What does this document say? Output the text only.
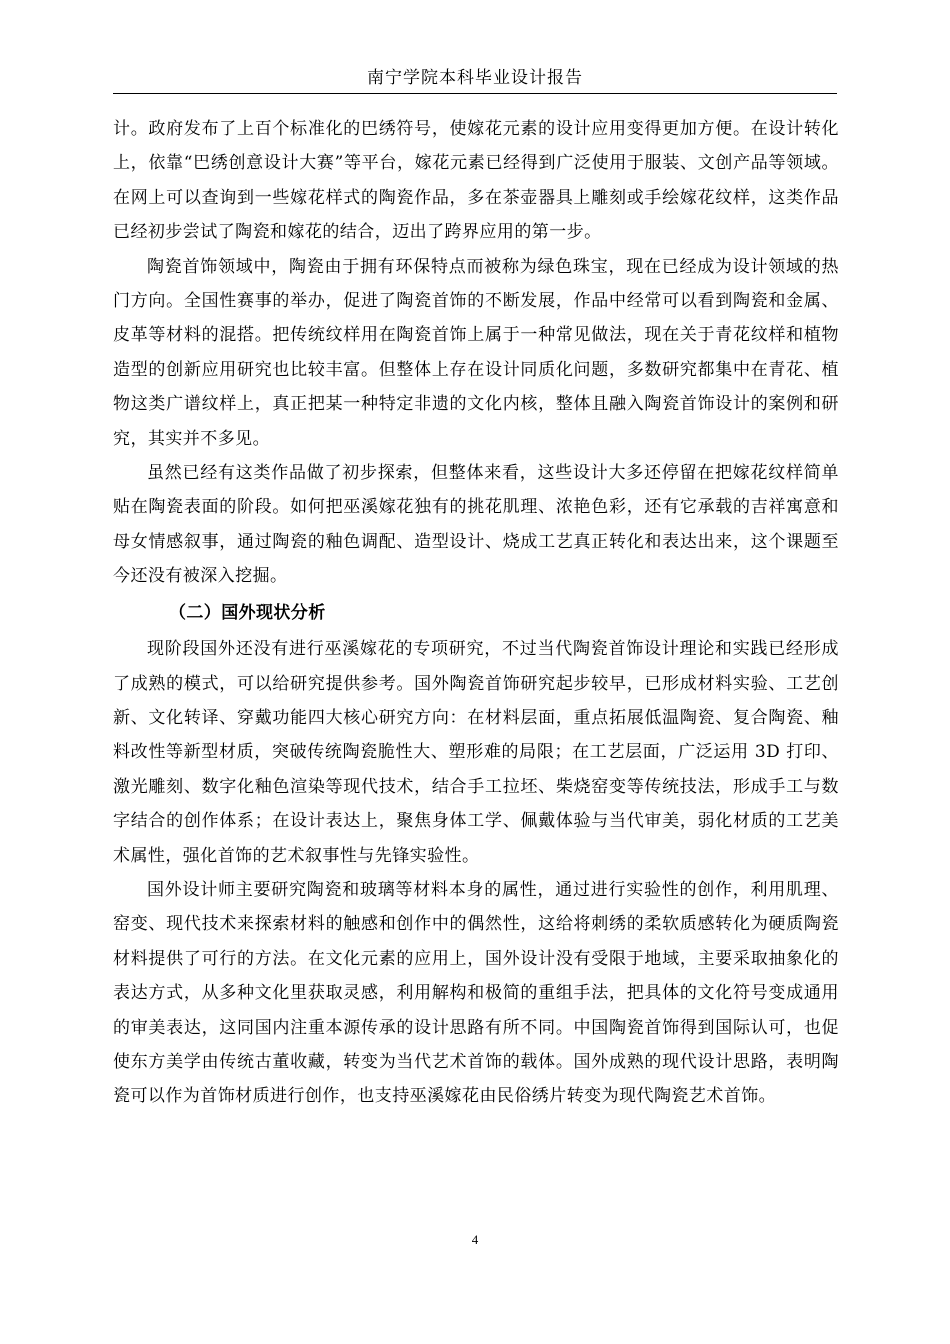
南宁学院本科毕业设计报告

计。政府发布了上百个标准化的巴绣符号，使嫁花元素的设计应用变得更加方便。在设计转化上，依靠“巴绣创意设计大赛”等平台，嫁花元素已经得到广泛使用于服装、文创产品等领域。在网上可以查询到一些嫁花样式的陶瓷作品，多在茶壶器具上雕刻或手绘嫁花纹样，这类作品已经初步尝试了陶瓷和嫁花的结合，迈出了跨界应用的第一步。

陶瓷首饰领域中，陶瓷由于拥有环保特点而被称为绿色珠宝，现在已经成为设计领域的热门方向。全国性赛事的举办，促进了陶瓷首饰的不断发展，作品中经常可以看到陶瓷和金属、皮革等材料的混搭。把传统纹样用在陶瓷首饰上属于一种常见做法，现在关于青花纹样和植物造型的创新应用研究也比较丰富。但整体上存在设计同质化问题，多数研究都集中在青花、植物这类广谱纹样上，真正把某一种特定非遗的文化内核，整体且融入陶瓷首饰设计的案例和研究，其实并不多见。

虽然已经有这类作品做了初步探索，但整体来看，这些设计大多还停留在把嫁花纹样简单贴在陶瓷表面的阶段。如何把巫溪嫁花独有的挑花肌理、浓艳色彩，还有它承载的吉祥寓意和母女情感叙事，通过陶瓷的釉色调配、造型设计、烧成工艺真正转化和表达出来，这个课题至今还没有被深入挖掘。

（二）国外现状分析

现阶段国外还没有进行巫溪嫁花的专项研究，不过当代陶瓷首饰设计理论和实践已经形成了成熟的模式，可以给研究提供参考。国外陶瓷首饰研究起步较早，已形成材料实验、工艺创新、文化转译、穿戴功能四大核心研究方向：在材料层面，重点拓展低温陶瓷、复合陶瓷、釉料改性等新型材质，突破传统陶瓷脆性大、塑形难的局限；在工艺层面，广泛运用 3D 打印、激光雕刻、数字化釉色渲染等现代技术，结合手工拉坯、柴烧窑变等传统技法，形成手工与数字结合的创作体系；在设计表达上，聚焦身体工学、佩戴体验与当代审美，弱化材质的工艺美术属性，强化首饰的艺术叙事性与先锋实验性。

国外设计师主要研究陶瓷和玻璃等材料本身的属性，通过进行实验性的创作，利用肌理、窑变、现代技术来探索材料的触感和创作中的偶然性，这给将刺绣的柔软质感转化为硬质陶瓷材料提供了可行的方法。在文化元素的应用上，国外设计没有受限于地域，主要采取抽象化的表达方式，从多种文化里获取灵感，利用解构和极简的重组手法，把具体的文化符号变成通用的审美表达，这同国内注重本源传承的设计思路有所不同。中国陶瓷首饰得到国际认可，也促使东方美学由传统古董收藏，转变为当代艺术首饰的载体。国外成熟的现代设计思路，表明陶瓷可以作为首饰材质进行创作，也支持巫溪嫁花由民俗绣片转变为现代陶瓷艺术首饰。

4
